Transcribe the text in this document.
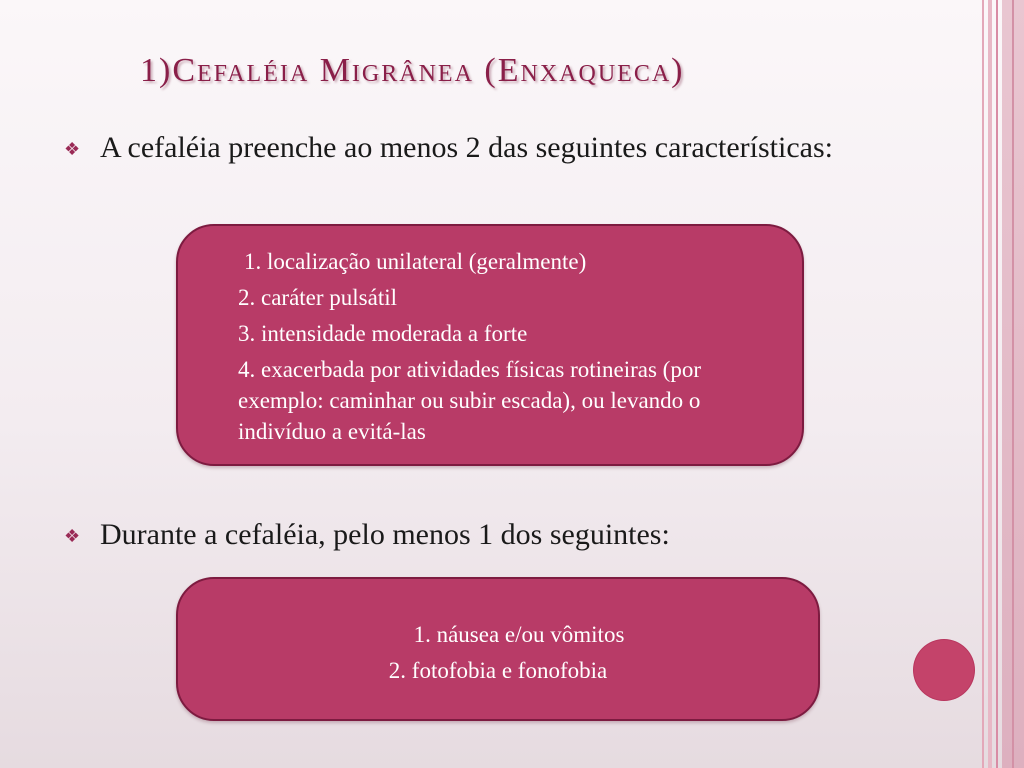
1)Cefaléia Migrânea (Enxaqueca)
❖ A cefaléia preenche ao menos 2 das seguintes características:
1. localização unilateral (geralmente)
2. caráter pulsátil
3. intensidade moderada a forte
4. exacerbada por atividades físicas rotineiras (por exemplo: caminhar ou subir escada), ou levando o indivíduo a evitá-las
❖ Durante a cefaléia, pelo menos 1 dos seguintes:
1. náusea e/ou vômitos
2. fotofobia e fonofobia
